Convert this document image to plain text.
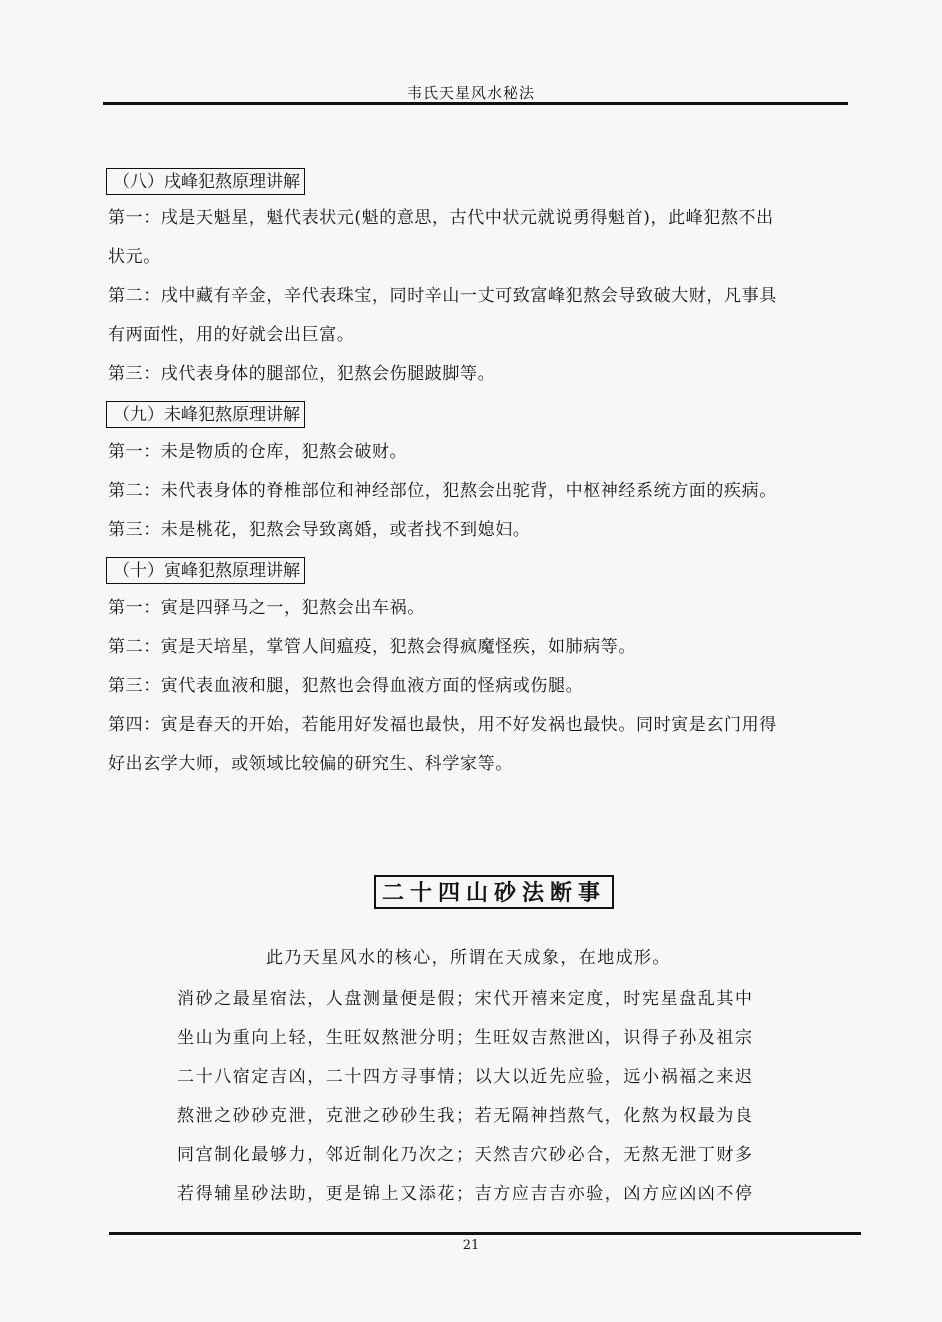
韦氏天星风水秘法
（八）戌峰犯熬原理讲解
第一：戌是天魁星，魁代表状元(魁的意思，古代中状元就说勇得魁首)，此峰犯熬不出
状元。
第二：戌中藏有辛金，辛代表珠宝，同时辛山一丈可致富峰犯熬会导致破大财，凡事具
有两面性，用的好就会出巨富。
第三：戌代表身体的腿部位，犯熬会伤腿跛脚等。
（九）未峰犯熬原理讲解
第一：未是物质的仓库，犯熬会破财。
第二：未代表身体的脊椎部位和神经部位，犯熬会出驼背，中枢神经系统方面的疾病。
第三：未是桃花，犯熬会导致离婚，或者找不到媳妇。
（十）寅峰犯熬原理讲解
第一：寅是四驿马之一，犯熬会出车祸。
第二：寅是天培星，掌管人间瘟疫，犯熬会得疯魔怪疾，如肺病等。
第三：寅代表血液和腿，犯熬也会得血液方面的怪病或伤腿。
第四：寅是春天的开始，若能用好发福也最快，用不好发祸也最快。同时寅是玄门用得
好出玄学大师，或领域比较偏的研究生、科学家等。
二十四山砂法断事
此乃天星风水的核心，所谓在天成象，在地成形。
消砂之最星宿法，人盘测量便是假；宋代开禧来定度，时宪星盘乱其中
坐山为重向上轻，生旺奴熬泄分明；生旺奴吉熬泄凶，识得子孙及祖宗
二十八宿定吉凶，二十四方寻事情；以大以近先应验，远小祸福之来迟
熬泄之砂砂克泄，克泄之砂砂生我；若无隔神挡熬气，化熬为权最为良
同宫制化最够力，邻近制化乃次之；天然吉穴砂必合，无熬无泄丁财多
若得辅星砂法助，更是锦上又添花；吉方应吉吉亦验，凶方应凶凶不停
21
